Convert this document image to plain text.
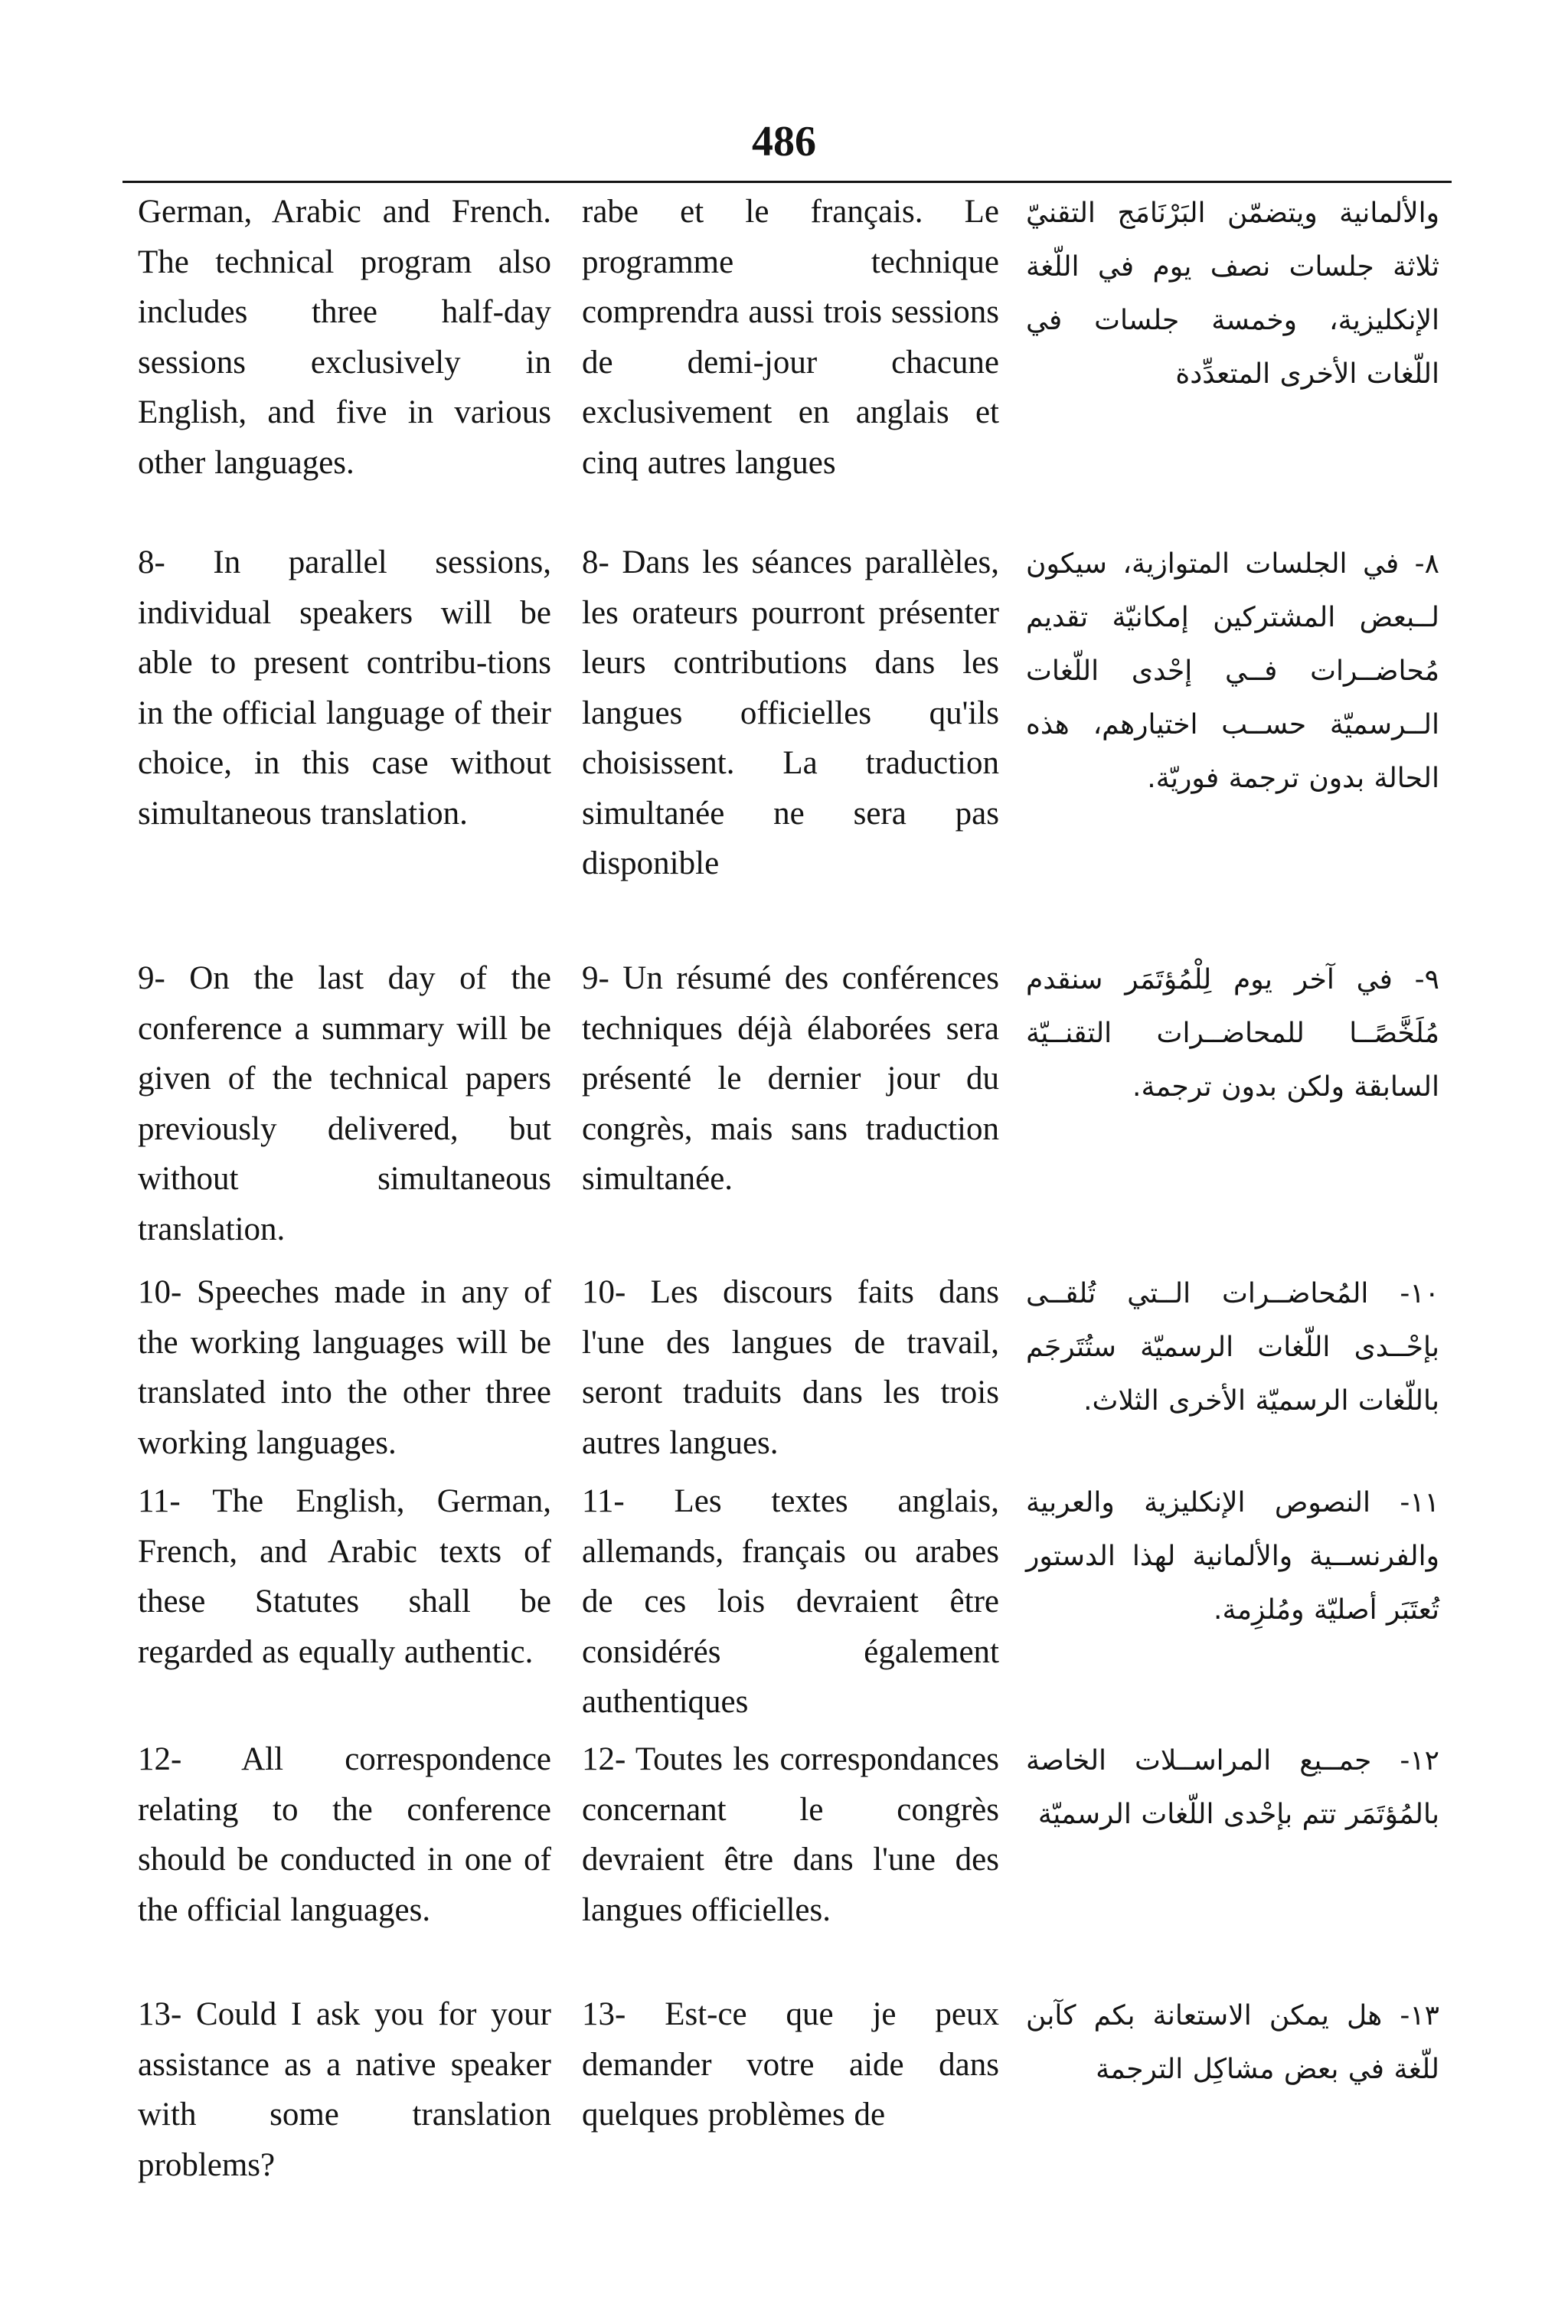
486

German, Arabic and French. The technical program also includes three half-day sessions exclusively in English, and five in various other languages.

rabe et le français. Le programme technique comprendra aussi trois sessions de demi-jour chacune exclusivement en anglais et cinq autres langues

والألمانية ويتضمّن البَرْنَامَج التقنيّ ثلاثة جلسات نصف يوم في اللّغة الإنكليزية، وخمسة جلسات في اللّغات الأخرى المتعدِّدة

8- In parallel sessions, individual speakers will be able to present contribu-tions in the official language of their choice, in this case without simultaneous translation.

8- Dans les séances parallèles, les orateurs pourront présenter leurs contributions dans les langues officielles qu'ils choisissent. La traduction simultanée ne sera pas disponible

٨- في الجلسات المتوازية، سيكون لــبعض المشتركين إمكانيّة تقديم مُحاضــرات فــي إحْدى اللّغات الــرسميّة حســب اختيارهم، هذه الحالة بدون ترجمة فوريّة.

9- On the last day of the conference a summary will be given of the technical papers previously delivered, but without simultaneous translation.

9- Un résumé des conférences techniques déjà élaborées sera présenté le dernier jour du congrès, mais sans traduction simultanée.

٩- في آخر يوم لِلْمُؤتَمَر سنقدم مُلَخَّصًــا للمحاضــرات التقنــيّة السابقة ولكن بدون ترجمة.

10- Speeches made in any of the working languages will be translated into the other three working languages.

10- Les discours faits dans l'une des langues de travail, seront traduits dans les trois autres langues.

١٠- المُحاضــرات الــتي تُلقــى بإحْــدى اللّغات الرسميّة ستُتَرجَم باللّغات الرسميّة الأخرى الثلاث.

11- The English, German, French, and Arabic texts of these Statutes shall be regarded as equally authentic.

11- Les textes anglais, allemands, français ou arabes de ces lois devraient être considérés également authentiques

١١- النصوص الإنكليزية والعربية والفرنســية والألمانية لهذا الدستور تُعتَبَر أصليّة ومُلزِمة.

12- All correspondence relating to the conference should be conducted in one of the official languages.

12- Toutes les correspondances concernant le congrès devraient être dans l'une des langues officielles.

١٢- جمــيع المراســلات الخاصة بالمُؤتَمَر تتم بإحْدى اللّغات الرسميّة

13- Could I ask you for your assistance as a native speaker with some translation problems?

13- Est-ce que je peux demander votre aide dans quelques problèmes de

١٣- هل يمكن الاستعانة بكم كآبن للّغة في بعض مشاكِل الترجمة
